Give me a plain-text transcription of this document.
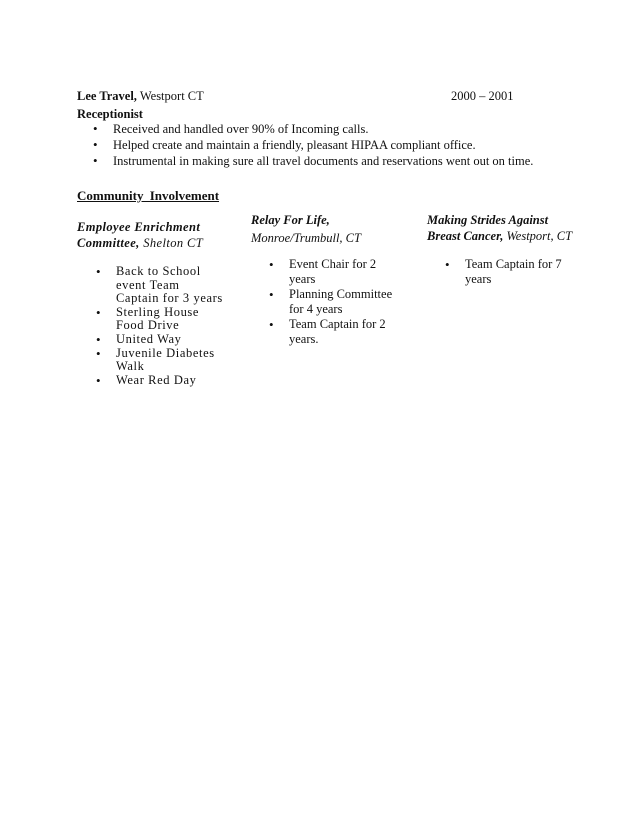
Lee Travel, Westport CT	2000 – 2001
Receptionist
• Received and handled over 90% of Incoming calls.
• Helped create and maintain a friendly, pleasant HIPAA compliant office.
• Instrumental in making sure all travel documents and reservations went out on time.
Community Involvement
Employee Enrichment
Committee, Shelton CT
• Back to School event Team Captain for 3 years
• Sterling House Food Drive
• United Way
• Juvenile Diabetes Walk
• Wear Red Day
Relay For Life,
Monroe/Trumbull, CT
• Event Chair for 2 years
• Planning Committee for 4 years
• Team Captain for 2 years.
Making Strides Against
Breast Cancer, Westport, CT
• Team Captain for 7 years
